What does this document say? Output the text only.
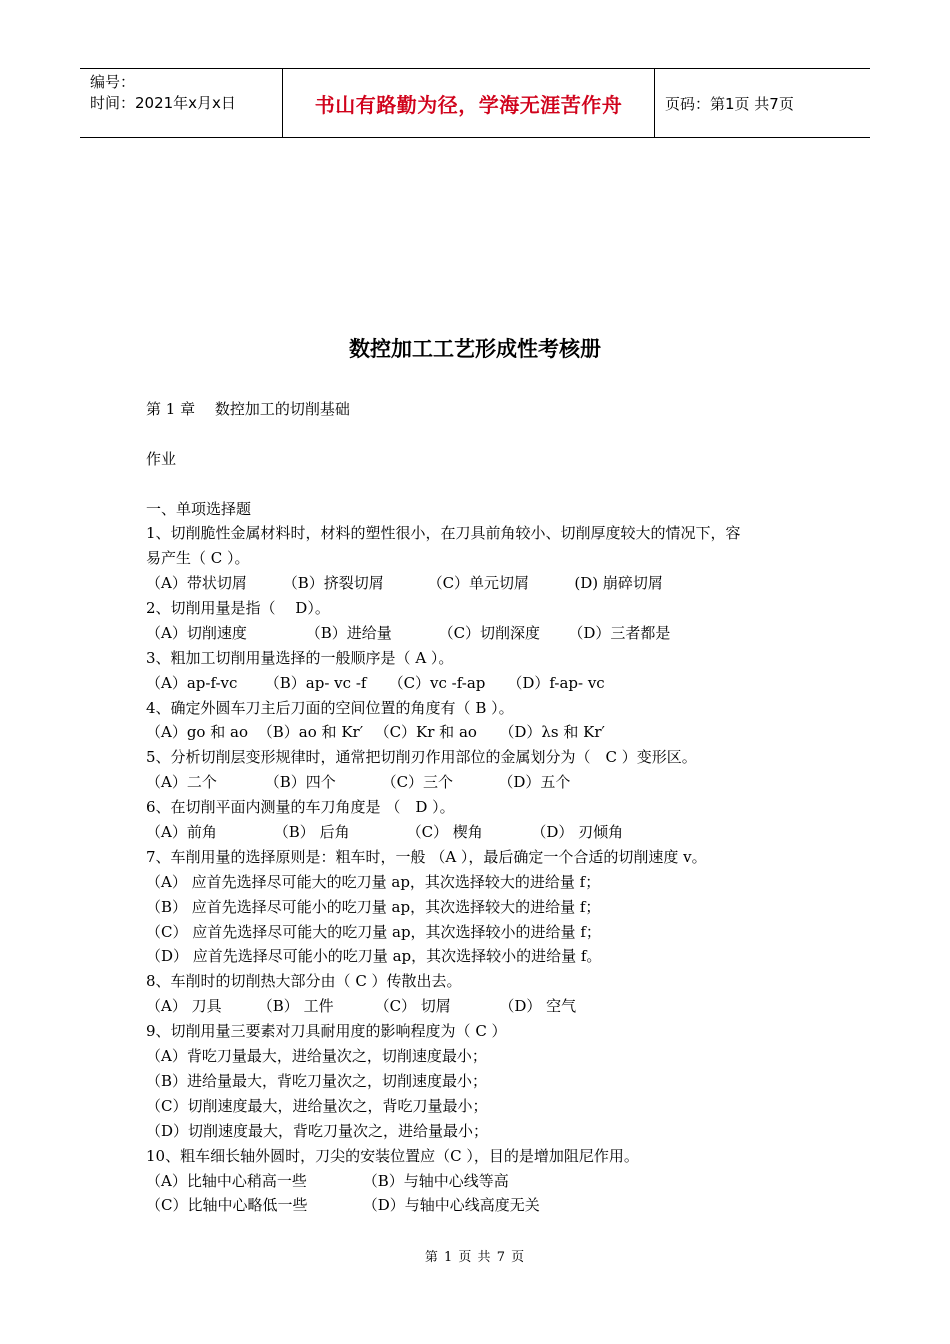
编号：
时间：2021年x月x日	书山有路勤为径，学海无涯苦作舟	页码：第1页 共7页
数控加工工艺形成性考核册
第 1 章　 数控加工的切削基础
作业
一、单项选择题
1、切削脆性金属材料时，材料的塑性很小，在刀具前角较小、切削厚度较大的情况下，容
易产生（ C ）。
（A）带状切屑 （B）挤裂切屑	（C）单元切屑	(D) 崩碎切屑
2、切削用量是指（　 D）。
（A）切削速度	（B）进给量	（C）切削深度 （D）三者都是
3、粗加工切削用量选择的一般顺序是（ A ）。
（A）ap-f-vc （B）ap- vc -f （C）vc -f-ap （D）f-ap- vc
4、确定外圆车刀主后刀面的空间位置的角度有（ B ）。
（A）go 和 ao （B）ao 和 Kr′ （C）Kr 和 ao （D）λs 和 Kr′
5、分析切削层变形规律时，通常把切削刃作用部位的金属划分为（　C ）变形区。
（A）二个	（B）四个	（C）三个	（D）五个
6、在切削平面内测量的车刀角度是 （　D ）。
（A）前角	（B） 后角	（C） 楔角	（D） 刃倾角
7、车削用量的选择原则是：粗车时，一般 （A ），最后确定一个合适的切削速度 v。
（A） 应首先选择尽可能大的吃刀量 ap，其次选择较大的进给量 f；
（B） 应首先选择尽可能小的吃刀量 ap，其次选择较大的进给量 f；
（C） 应首先选择尽可能大的吃刀量 ap，其次选择较小的进给量 f；
（D） 应首先选择尽可能小的吃刀量 ap，其次选择较小的进给量 f。
8、车削时的切削热大部分由（ C ）传散出去。
（A） 刀具 （B） 工件	（C） 切屑	（D） 空气
9、切削用量三要素对刀具耐用度的影响程度为（ C ）
（A）背吃刀量最大，进给量次之，切削速度最小；
（B）进给量最大，背吃刀量次之，切削速度最小；
（C）切削速度最大，进给量次之，背吃刀量最小；
（D）切削速度最大，背吃刀量次之，进给量最小；
10、粗车细长轴外圆时，刀尖的安装位置应（C ），目的是增加阻尼作用。
（A）比轴中心稍高一些	（B）与轴中心线等高
（C）比轴中心略低一些	（D）与轴中心线高度无关
第 1 页 共 7 页
